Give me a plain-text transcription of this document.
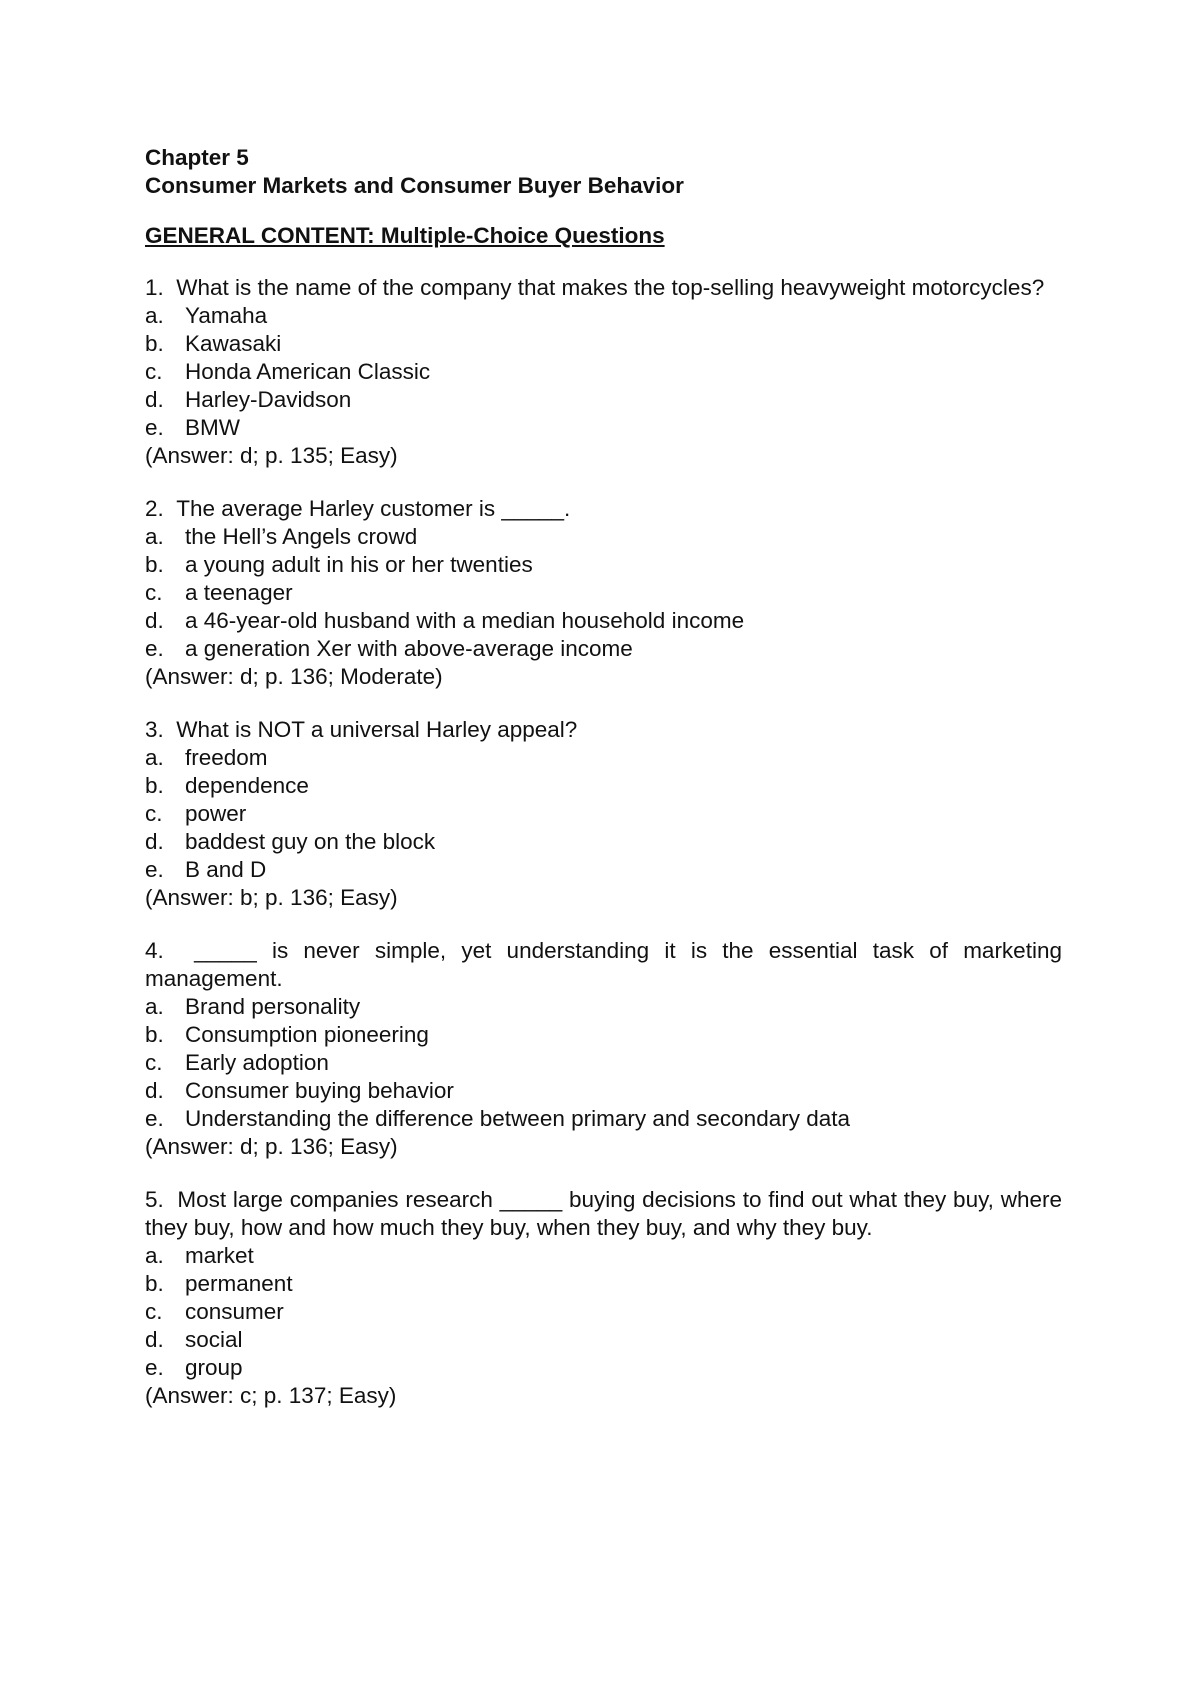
Chapter 5
Consumer Markets and Consumer Buyer Behavior
GENERAL CONTENT: Multiple-Choice Questions
1. What is the name of the company that makes the top-selling heavyweight motorcycles?
a. Yamaha
b. Kawasaki
c. Honda American Classic
d. Harley-Davidson
e. BMW
(Answer: d; p. 135; Easy)
2. The average Harley customer is _____.
a. the Hell’s Angels crowd
b. a young adult in his or her twenties
c. a teenager
d. a 46-year-old husband with a median household income
e. a generation Xer with above-average income
(Answer: d; p. 136; Moderate)
3. What is NOT a universal Harley appeal?
a. freedom
b. dependence
c. power
d. baddest guy on the block
e. B and D
(Answer: b; p. 136; Easy)
4. _____ is never simple, yet understanding it is the essential task of marketing management.
a. Brand personality
b. Consumption pioneering
c. Early adoption
d. Consumer buying behavior
e. Understanding the difference between primary and secondary data
(Answer: d; p. 136; Easy)
5. Most large companies research _____ buying decisions to find out what they buy, where they buy, how and how much they buy, when they buy, and why they buy.
a. market
b. permanent
c. consumer
d. social
e. group
(Answer: c; p. 137; Easy)
